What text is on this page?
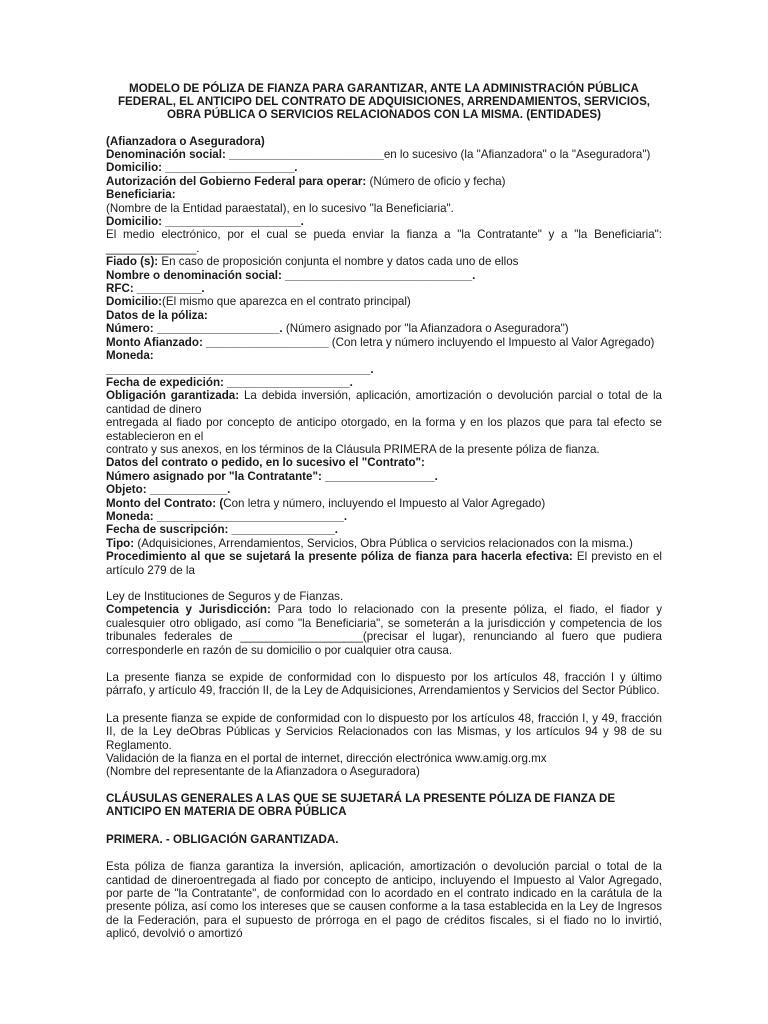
MODELO DE PÓLIZA DE FIANZA PARA GARANTIZAR, ANTE LA ADMINISTRACIÓN PÚBLICA FEDERAL, EL ANTICIPO DEL CONTRATO DE ADQUISICIONES, ARRENDAMIENTOS, SERVICIOS, OBRA PÚBLICA O SERVICIOS RELACIONADOS CON LA MISMA. (ENTIDADES)

(Afianzadora o Aseguradora)

Denominación social: ________________________en lo sucesivo (la "Afianzadora" o la "Aseguradora")

Domicilio: ____________________.

Autorización del Gobierno Federal para operar: (Número de oficio y fecha)

Beneficiaria:

(Nombre de la Entidad paraestatal), en lo sucesivo "la Beneficiaria".

Domicilio: _____________________.

El medio electrónico, por el cual se pueda enviar la fianza a "la Contratante" y a "la Beneficiaria": ______________.

Fiado (s): En caso de proposición conjunta el nombre y datos cada uno de ellos

Nombre o denominación social: _____________________________.

RFC: __________.

Domicilio:(El mismo que aparezca en el contrato principal)

Datos de la póliza:

Número: ___________________. (Número asignado por "la Afianzadora o Aseguradora")

Monto Afianzado: ___________________ (Con letra y número incluyendo el Impuesto al Valor Agregado)

Moneda:

_________________________________________.

Fecha de expedición: ___________________.

Obligación garantizada: La debida inversión, aplicación, amortización o devolución parcial o total de la cantidad de dinero

entregada al fiado por concepto de anticipo otorgado, en la forma y en los plazos que para tal efecto se establecieron en el

contrato y sus anexos, en los términos de la Cláusula PRIMERA de la presente póliza de fianza.

Datos del contrato o pedido, en lo sucesivo el "Contrato":

Número asignado por "la Contratante": _________________.

Objeto: ____________.

Monto del Contrato: (Con letra y número, incluyendo el Impuesto al Valor Agregado)

Moneda: _____________________________.

Fecha de suscripción: ________________.

Tipo: (Adquisiciones, Arrendamientos, Servicios, Obra Pública o servicios relacionados con la misma.)

Procedimiento al que se sujetará la presente póliza de fianza para hacerla efectiva: El previsto en el artículo 279 de la

Ley de Instituciones de Seguros y de Fianzas.

Competencia y Jurisdicción: Para todo lo relacionado con la presente póliza, el fiado, el fiador y cualesquier otro obligado, así como "la Beneficiaria", se someterán a la jurisdicción y competencia de los tribunales federales de ___________________(precisar el lugar), renunciando al fuero que pudiera corresponderle en razón de su domicilio o por cualquier otra causa.

La presente fianza se expide de conformidad con lo dispuesto por los artículos 48, fracción I y último párrafo, y artículo 49, fracción II, de la Ley de Adquisiciones, Arrendamientos y Servicios del Sector Público.

La presente fianza se expide de conformidad con lo dispuesto por los artículos 48, fracción I, y 49, fracción II, de la Ley deObras Públicas y Servicios Relacionados con las Mismas, y los artículos 94 y 98 de su Reglamento.

Validación de la fianza en el portal de internet, dirección electrónica www.amig.org.mx

(Nombre del representante de la Afianzadora o Aseguradora)

CLÁUSULAS GENERALES A LAS QUE SE SUJETARÁ LA PRESENTE PÓLIZA DE FIANZA DE ANTICIPO EN MATERIA DE OBRA PÚBLICA

PRIMERA. - OBLIGACIÓN GARANTIZADA.

Esta póliza de fianza garantiza la inversión, aplicación, amortización o devolución parcial o total de la cantidad de dineroentregada al fiado por concepto de anticipo, incluyendo el Impuesto al Valor Agregado, por parte de "la Contratante", de conformidad con lo acordado en el contrato indicado en la carátula de la presente póliza, así como los intereses que se causen conforme a la tasa establecida en la Ley de Ingresos de la Federación, para el supuesto de prórroga en el pago de créditos fiscales, si el fiado no lo invirtió, aplicó, devolvió o amortizó
